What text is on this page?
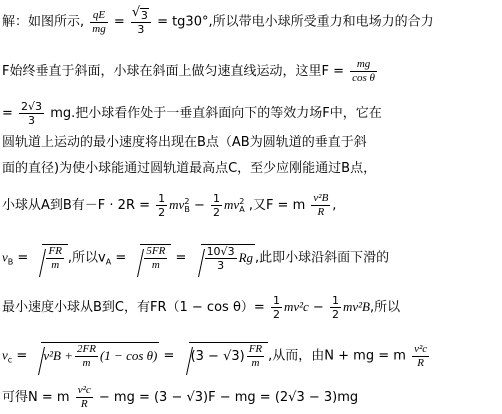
解：如图所示, $\frac{qE}{mg}$ =
√ $\frac{3}{3} = tg30^\circ$,所以带电小球所受重力和电场力的合力
F始终垂直于斜面，小球在斜面上做匀速直线运动，这里$F = \frac{mg}{\text{cos θ}}$
= $\frac{2√3}{3}$ mg.把小球看作处于一垂直斜面向下的等效力场F中，它在
圆轨道上运动的最小速度将出现在B点（AB为圆轨道的垂直于斜
面的直径)为使小球能通过圆轨道最高点C，至少应刚能通过B点，
小球从A到B有$-F \cdot 2R = \frac{1}{2} mv2$
$B - \frac{1}{2} mv2$
A ,又F = m $\frac{\text{v²B}}{R}$ ,
$v_B = \frac{FR}{m}$ ,所以$v_A = \frac{5FR}{m} = \frac{10√3}{3}$ Rg ,此即小球沿斜面下滑的
最小速度小球从B到C，有$FR(1 - \cos \theta)= \frac{1}{2} mv^2c - \frac{1}{2} mv^2B$,所以
$v_c = v^2B + \frac{2FR}{m} (1 - \cos \theta) = (3 - √3) \frac{FR}{m}$ ,从而，由N + mg = m $\frac{\text{v²c}}{R}$
可得N = m $\frac{\text{v²c}}{R}$ − mg = (3 − √3)F − mg = (2√3 − 3)mg
